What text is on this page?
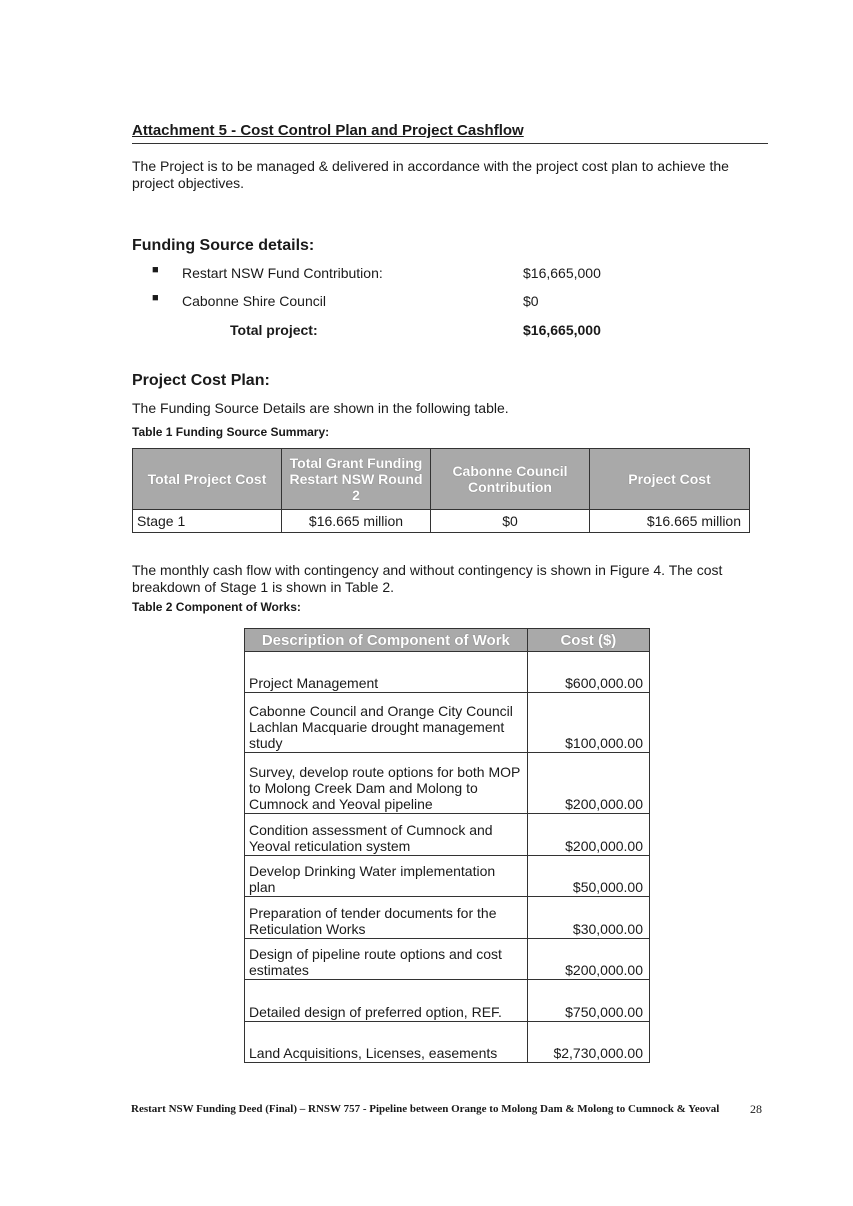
Attachment 5 - Cost Control Plan and Project Cashflow
The Project is to be managed & delivered in accordance with the project cost plan to achieve the project objectives.
Funding Source details:
■ Restart NSW Fund Contribution:	$16,665,000
■ Cabonne Shire Council	$0
Total project:	$16,665,000
Project Cost Plan:
The Funding Source Details are shown in the following table.
Table 1 Funding Source Summary:
Total Project Cost	Total Grant Funding Restart NSW Round 2	Cabonne Council Contribution	Project Cost
Stage 1	$16.665 million	$0	$16.665 million
The monthly cash flow with contingency and without contingency is shown in Figure 4. The cost breakdown of Stage 1 is shown in Table 2.
Table 2 Component of Works:
Description of Component of Work	Cost ($)
Project Management	$600,000.00
Cabonne Council and Orange City Council Lachlan Macquarie drought management study	$100,000.00
Survey, develop route options for both MOP to Molong Creek Dam and Molong to Cumnock and Yeoval pipeline	$200,000.00
Condition assessment of Cumnock and Yeoval reticulation system	$200,000.00
Develop Drinking Water implementation plan	$50,000.00
Preparation of tender documents for the Reticulation Works	$30,000.00
Design of pipeline route options and cost estimates	$200,000.00
Detailed design of preferred option, REF.	$750,000.00
Land Acquisitions, Licenses, easements	$2,730,000.00
Restart NSW Funding Deed (Final) – RNSW 757 - Pipeline between Orange to Molong Dam & Molong to Cumnock & Yeoval	28
